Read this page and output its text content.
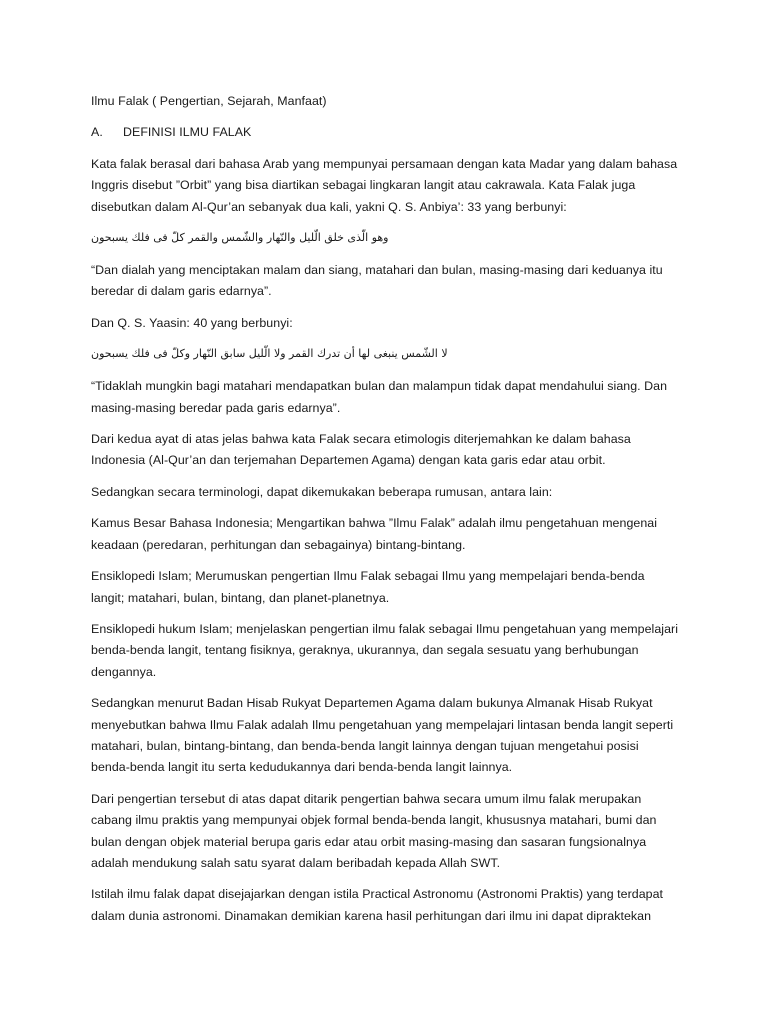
Ilmu Falak ( Pengertian, Sejarah, Manfaat)

A. DEFINISI ILMU FALAK

Kata falak berasal dari bahasa Arab yang mempunyai persamaan dengan kata Madar yang dalam bahasa Inggris disebut ”Orbit” yang bisa diartikan sebagai lingkaran langit atau cakrawala. Kata Falak juga disebutkan dalam Al-Qur’an sebanyak dua kali, yakni Q. S. Anbiya’: 33 yang berbunyi:

وهو الّذى خلق الّليل والنّهار والشّمس والقمر كلّ فى فلك يسبحون

“Dan dialah yang menciptakan malam dan siang, matahari dan bulan, masing-masing dari keduanya itu beredar di dalam garis edarnya”.

Dan Q. S. Yaasin: 40 yang berbunyi:

لا الشّمس ينبغى لها أن تدرك القمر ولا الّليل سابق النّهار وكلّ فى فلك يسبحون

“Tidaklah mungkin bagi matahari mendapatkan bulan dan malampun tidak dapat mendahului siang. Dan masing-masing beredar pada garis edarnya”.

Dari kedua ayat di atas jelas bahwa kata Falak secara etimologis diterjemahkan ke dalam bahasa Indonesia (Al-Qur’an dan terjemahan Departemen Agama) dengan kata garis edar atau orbit.

Sedangkan secara terminologi, dapat dikemukakan beberapa rumusan, antara lain:

Kamus Besar Bahasa Indonesia; Mengartikan bahwa ”Ilmu Falak” adalah ilmu pengetahuan mengenai keadaan (peredaran, perhitungan dan sebagainya) bintang-bintang.

Ensiklopedi Islam; Merumuskan pengertian Ilmu Falak sebagai Ilmu yang mempelajari benda-benda langit; matahari, bulan, bintang, dan planet-planetnya.

Ensiklopedi hukum Islam; menjelaskan pengertian ilmu falak sebagai Ilmu pengetahuan yang mempelajari benda-benda langit, tentang fisiknya, geraknya, ukurannya, dan segala sesuatu yang berhubungan dengannya.

Sedangkan menurut Badan Hisab Rukyat Departemen Agama dalam bukunya Almanak Hisab Rukyat menyebutkan bahwa Ilmu Falak adalah Ilmu pengetahuan yang mempelajari lintasan benda langit seperti matahari, bulan, bintang-bintang, dan benda-benda langit lainnya dengan tujuan mengetahui posisi benda-benda langit itu serta kedudukannya dari benda-benda langit lainnya.

Dari pengertian tersebut di atas dapat ditarik pengertian bahwa secara umum ilmu falak merupakan cabang ilmu praktis yang mempunyai objek formal benda-benda langit, khususnya matahari, bumi dan bulan dengan objek material berupa garis edar atau orbit masing-masing dan sasaran fungsionalnya adalah mendukung salah satu syarat dalam beribadah kepada Allah SWT.

Istilah ilmu falak dapat disejajarkan dengan istila Practical Astronomu (Astronomi Praktis) yang terdapat dalam dunia astronomi. Dinamakan demikian karena hasil perhitungan dari ilmu ini dapat dipraktekan
